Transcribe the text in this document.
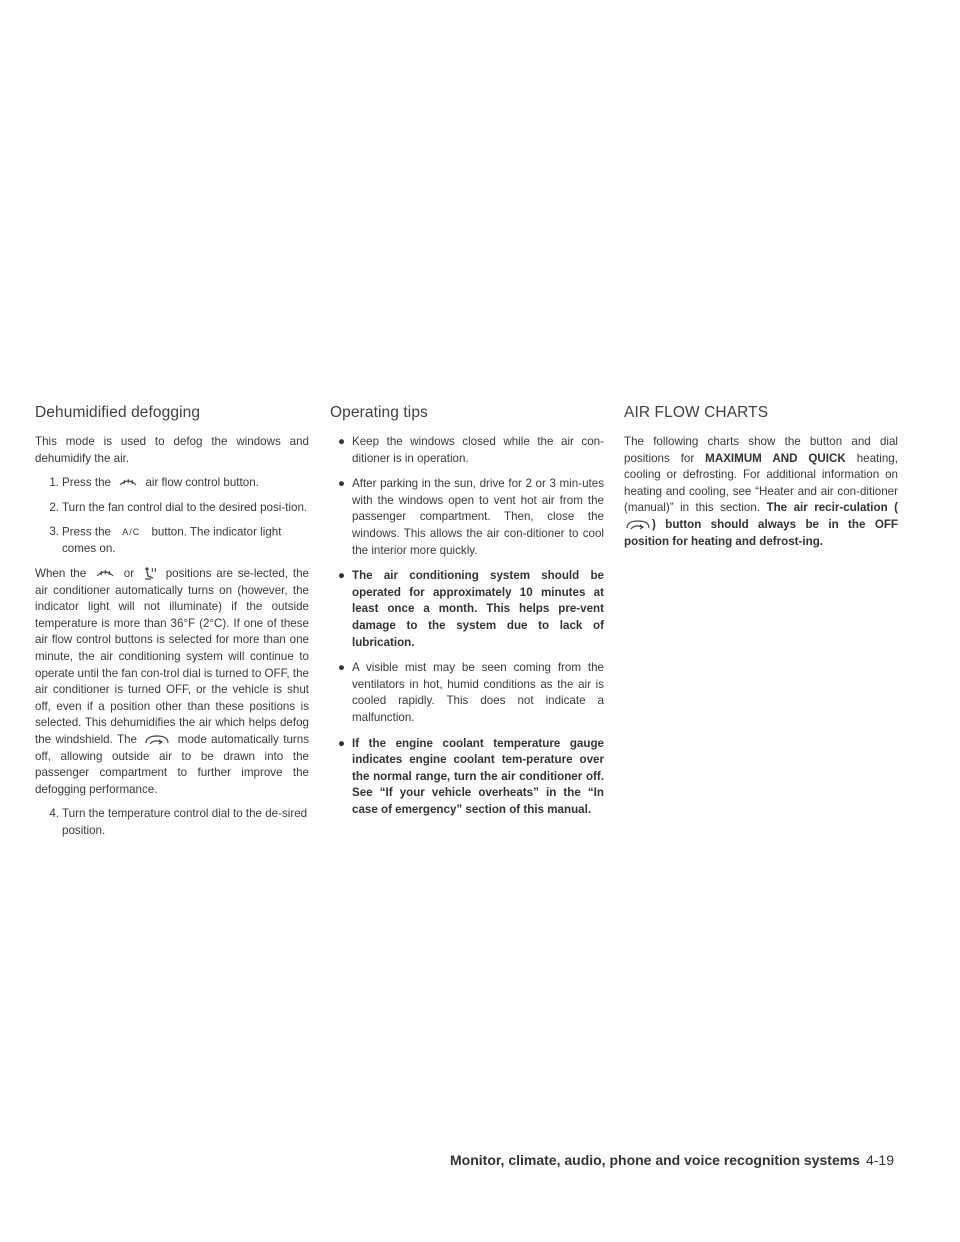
Dehumidified defogging

This mode is used to defog the windows and dehumidify the air.

1. Press the	air flow control button.
2. Turn the fan control dial to the desired posi-tion.
3. Press the A/C button. The indicator light comes on.

When the	or	positions are se-lected, the air conditioner automatically turns on (however, the indicator light will not illuminate) if the outside temperature is more than 36°F (2°C). If one of these air flow control buttons is selected for more than one minute, the air conditioning system will continue to operate until the fan con-trol dial is turned to OFF, the air conditioner is turned OFF, or the vehicle is shut off, even if a position other than these positions is selected. This dehumidifies the air which helps defog the windshield. The	mode automatically turns off, allowing outside air to be drawn into the passenger compartment to further improve the defogging performance.

4. Turn the temperature control dial to the de-sired position.
Operating tips
● Keep the windows closed while the air con-ditioner is in operation.
● After parking in the sun, drive for 2 or 3 min-utes with the windows open to vent hot air from the passenger compartment. Then, close the windows. This allows the air con-ditioner to cool the interior more quickly.
● The air conditioning system should be operated for approximately 10 minutes at least once a month. This helps pre-vent damage to the system due to lack of lubrication.
● A visible mist may be seen coming from the ventilators in hot, humid conditions as the air is cooled rapidly. This does not indicate a malfunction.
● If the engine coolant temperature gauge indicates engine coolant tem-perature over the normal range, turn the air conditioner off. See “If your vehicle overheats” in the “In case of emergency” section of this manual.
AIR FLOW CHARTS

The following charts show the button and dial positions for MAXIMUM AND QUICK heating, cooling or defrosting. For additional information on heating and cooling, see “Heater and air con-ditioner (manual)” in this section. The air recir-culation (
) button should always be in the OFF position for heating and defrost-ing.

Monitor, climate, audio, phone and voice recognition systems 4-19
